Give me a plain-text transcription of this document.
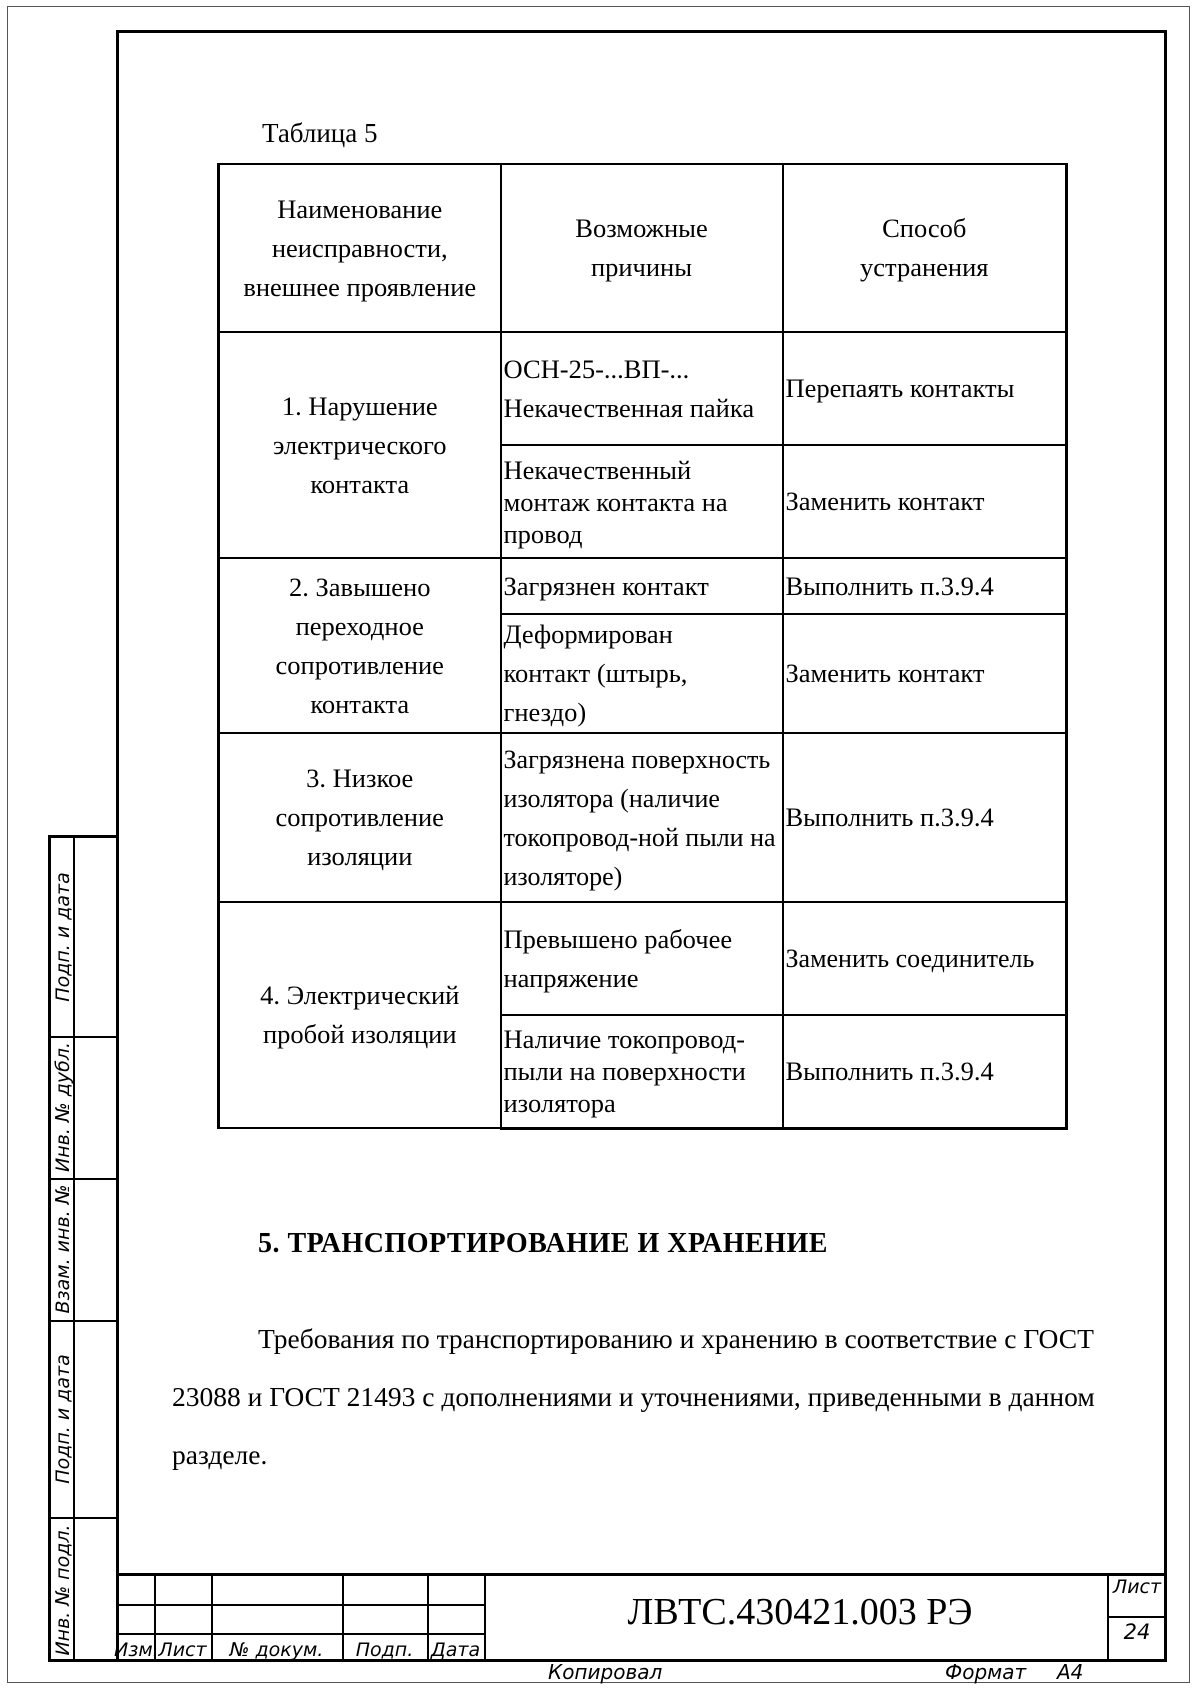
Подп. и дата
Инв. № дубл.
Взам. инв. №
Подп. и дата
Инв. № подл.
Таблица 5
Наименование неисправности, внешнее проявление	Возможные причины	Способ устранения

1. Нарушение электрического контакта	ОСН-25-...ВП-... Некачественная пайка	Перепаять контакты
	Некачественный монтаж контакта на провод	Заменить контакт
2. Завышено переходное сопротивление контакта	Загрязнен контакт	Выполнить п.3.9.4
	Деформирован контакт (штырь, гнездо)	Заменить контакт
3. Низкое сопротивление изоляции	Загрязнена поверхность изолятора (наличие токопровод-ной пыли на изоляторе)	Выполнить п.3.9.4
4. Электрический пробой изоляции	Превышено рабочее напряжение	Заменить соединитель
	Наличие токопровод-пыли на поверхности изолятора	Выполнить п.3.9.4
5. ТРАНСПОРТИРОВАНИЕ И ХРАНЕНИЕ
Требования по транспортированию и хранению в соответствие с ГОСТ 23088 и ГОСТ 21493 с дополнениями и уточнениями, приведенными в данном разделе.
Изм. Лист	№ докум.	Подп. Дата
ЛВТС.430421.003 РЭ
Лист
24
Копировал	Формат А4
